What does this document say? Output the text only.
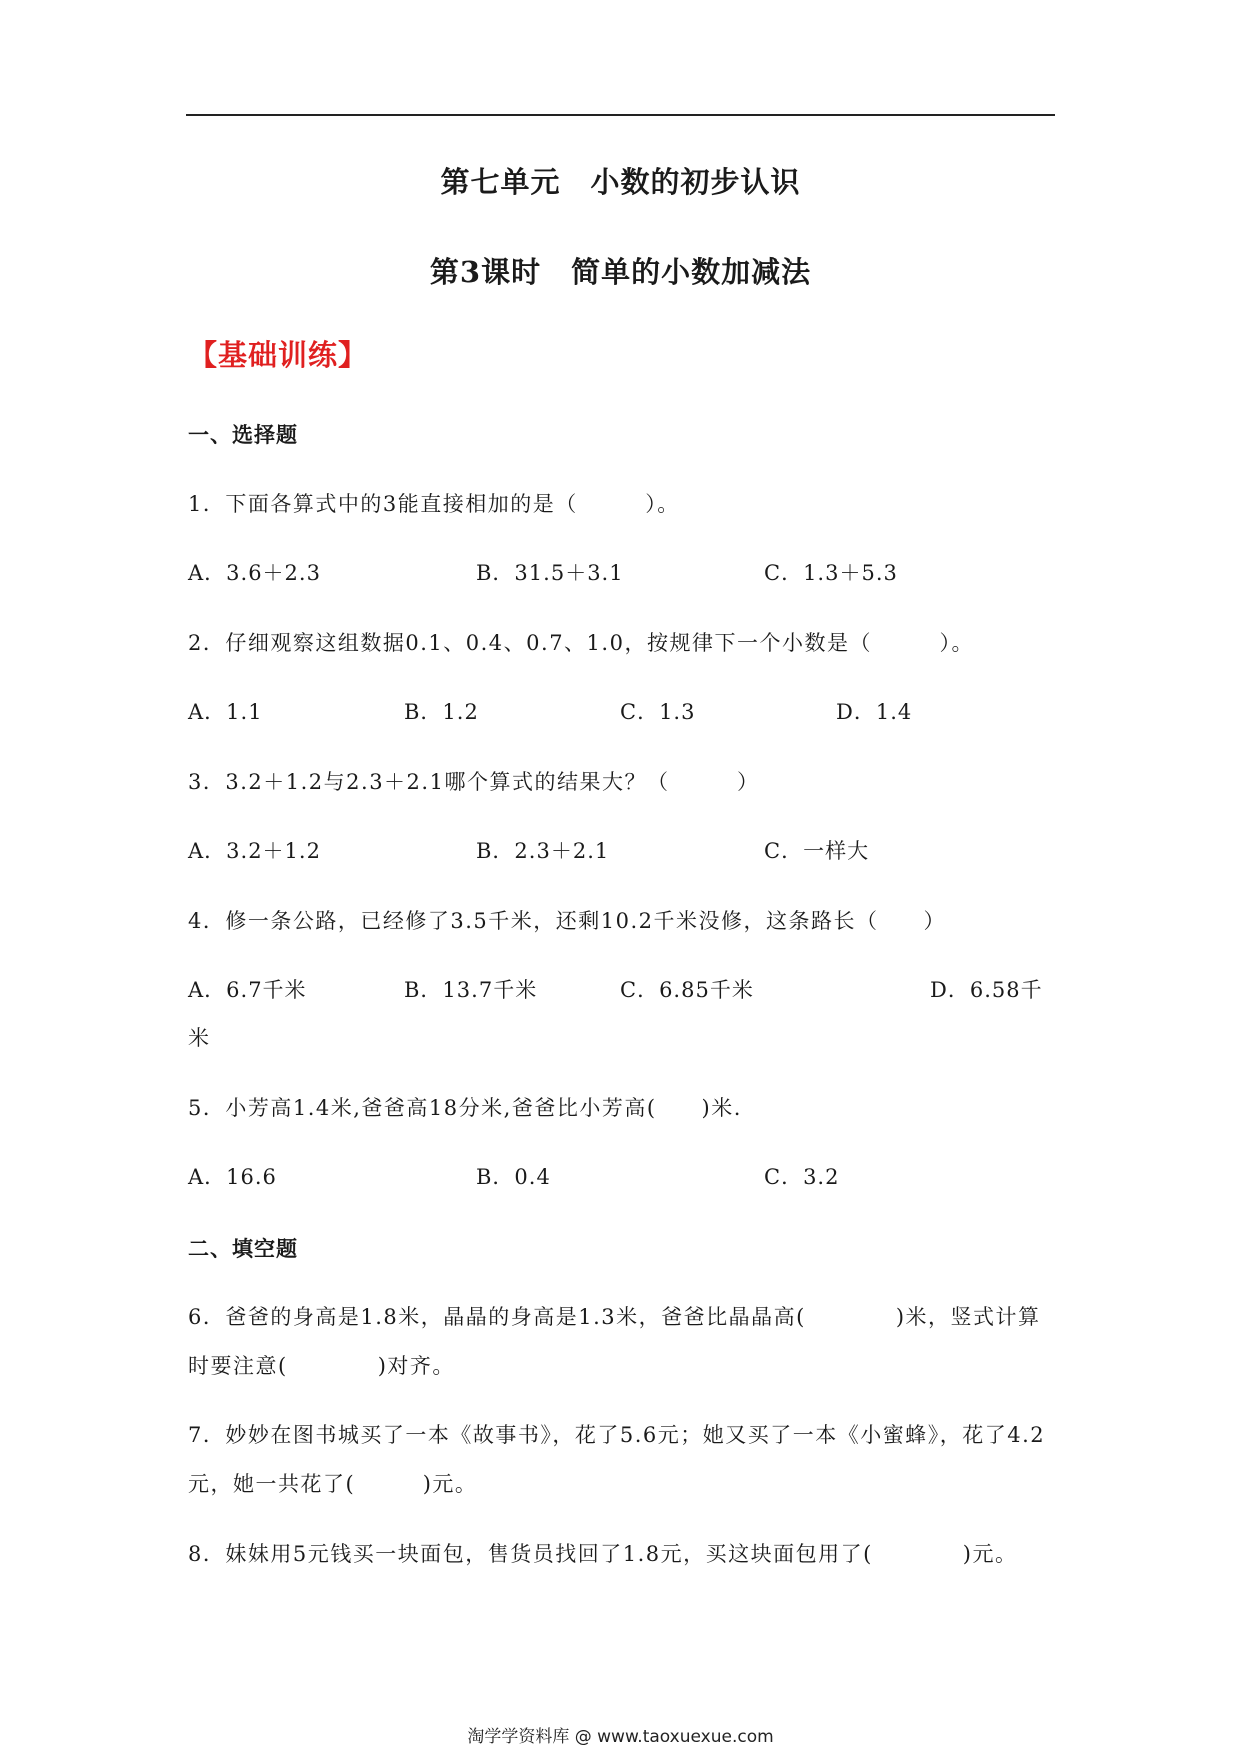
第七单元　小数的初步认识
第3课时　简单的小数加减法
【基础训练】
一、选择题
1．下面各算式中的3能直接相加的是（　　　）。
A．3.6＋2.3	B．31.5＋3.1	C．1.3＋5.3
2．仔细观察这组数据0.1、0.4、0.7、1.0，按规律下一个小数是（　　　）。
A．1.1	B．1.2	C．1.3	D．1.4
3．3.2＋1.2与2.3＋2.1哪个算式的结果大？（　　　）
A．3.2＋1.2	B．2.3＋2.1	C．一样大
4．修一条公路，已经修了3.5千米，还剩10.2千米没修，这条路长（　　）
A．6.7千米	B．13.7千米	C．6.85千米	D．6.58千
米
5．小芳高1.4米,爸爸高18分米,爸爸比小芳高(　　)米.
A．16.6	B．0.4	C．3.2
二、填空题
6．爸爸的身高是1.8米，晶晶的身高是1.3米，爸爸比晶晶高(　　　　)米，竖式计算时要注意(　　　　)对齐。
7．妙妙在图书城买了一本《故事书》，花了5.6元；她又买了一本《小蜜蜂》，花了4.2元，她一共花了(　　　)元。
8．妹妹用5元钱买一块面包，售货员找回了1.8元，买这块面包用了(　　　　)元。
淘学学资料库 @ www.taoxuexue.com
